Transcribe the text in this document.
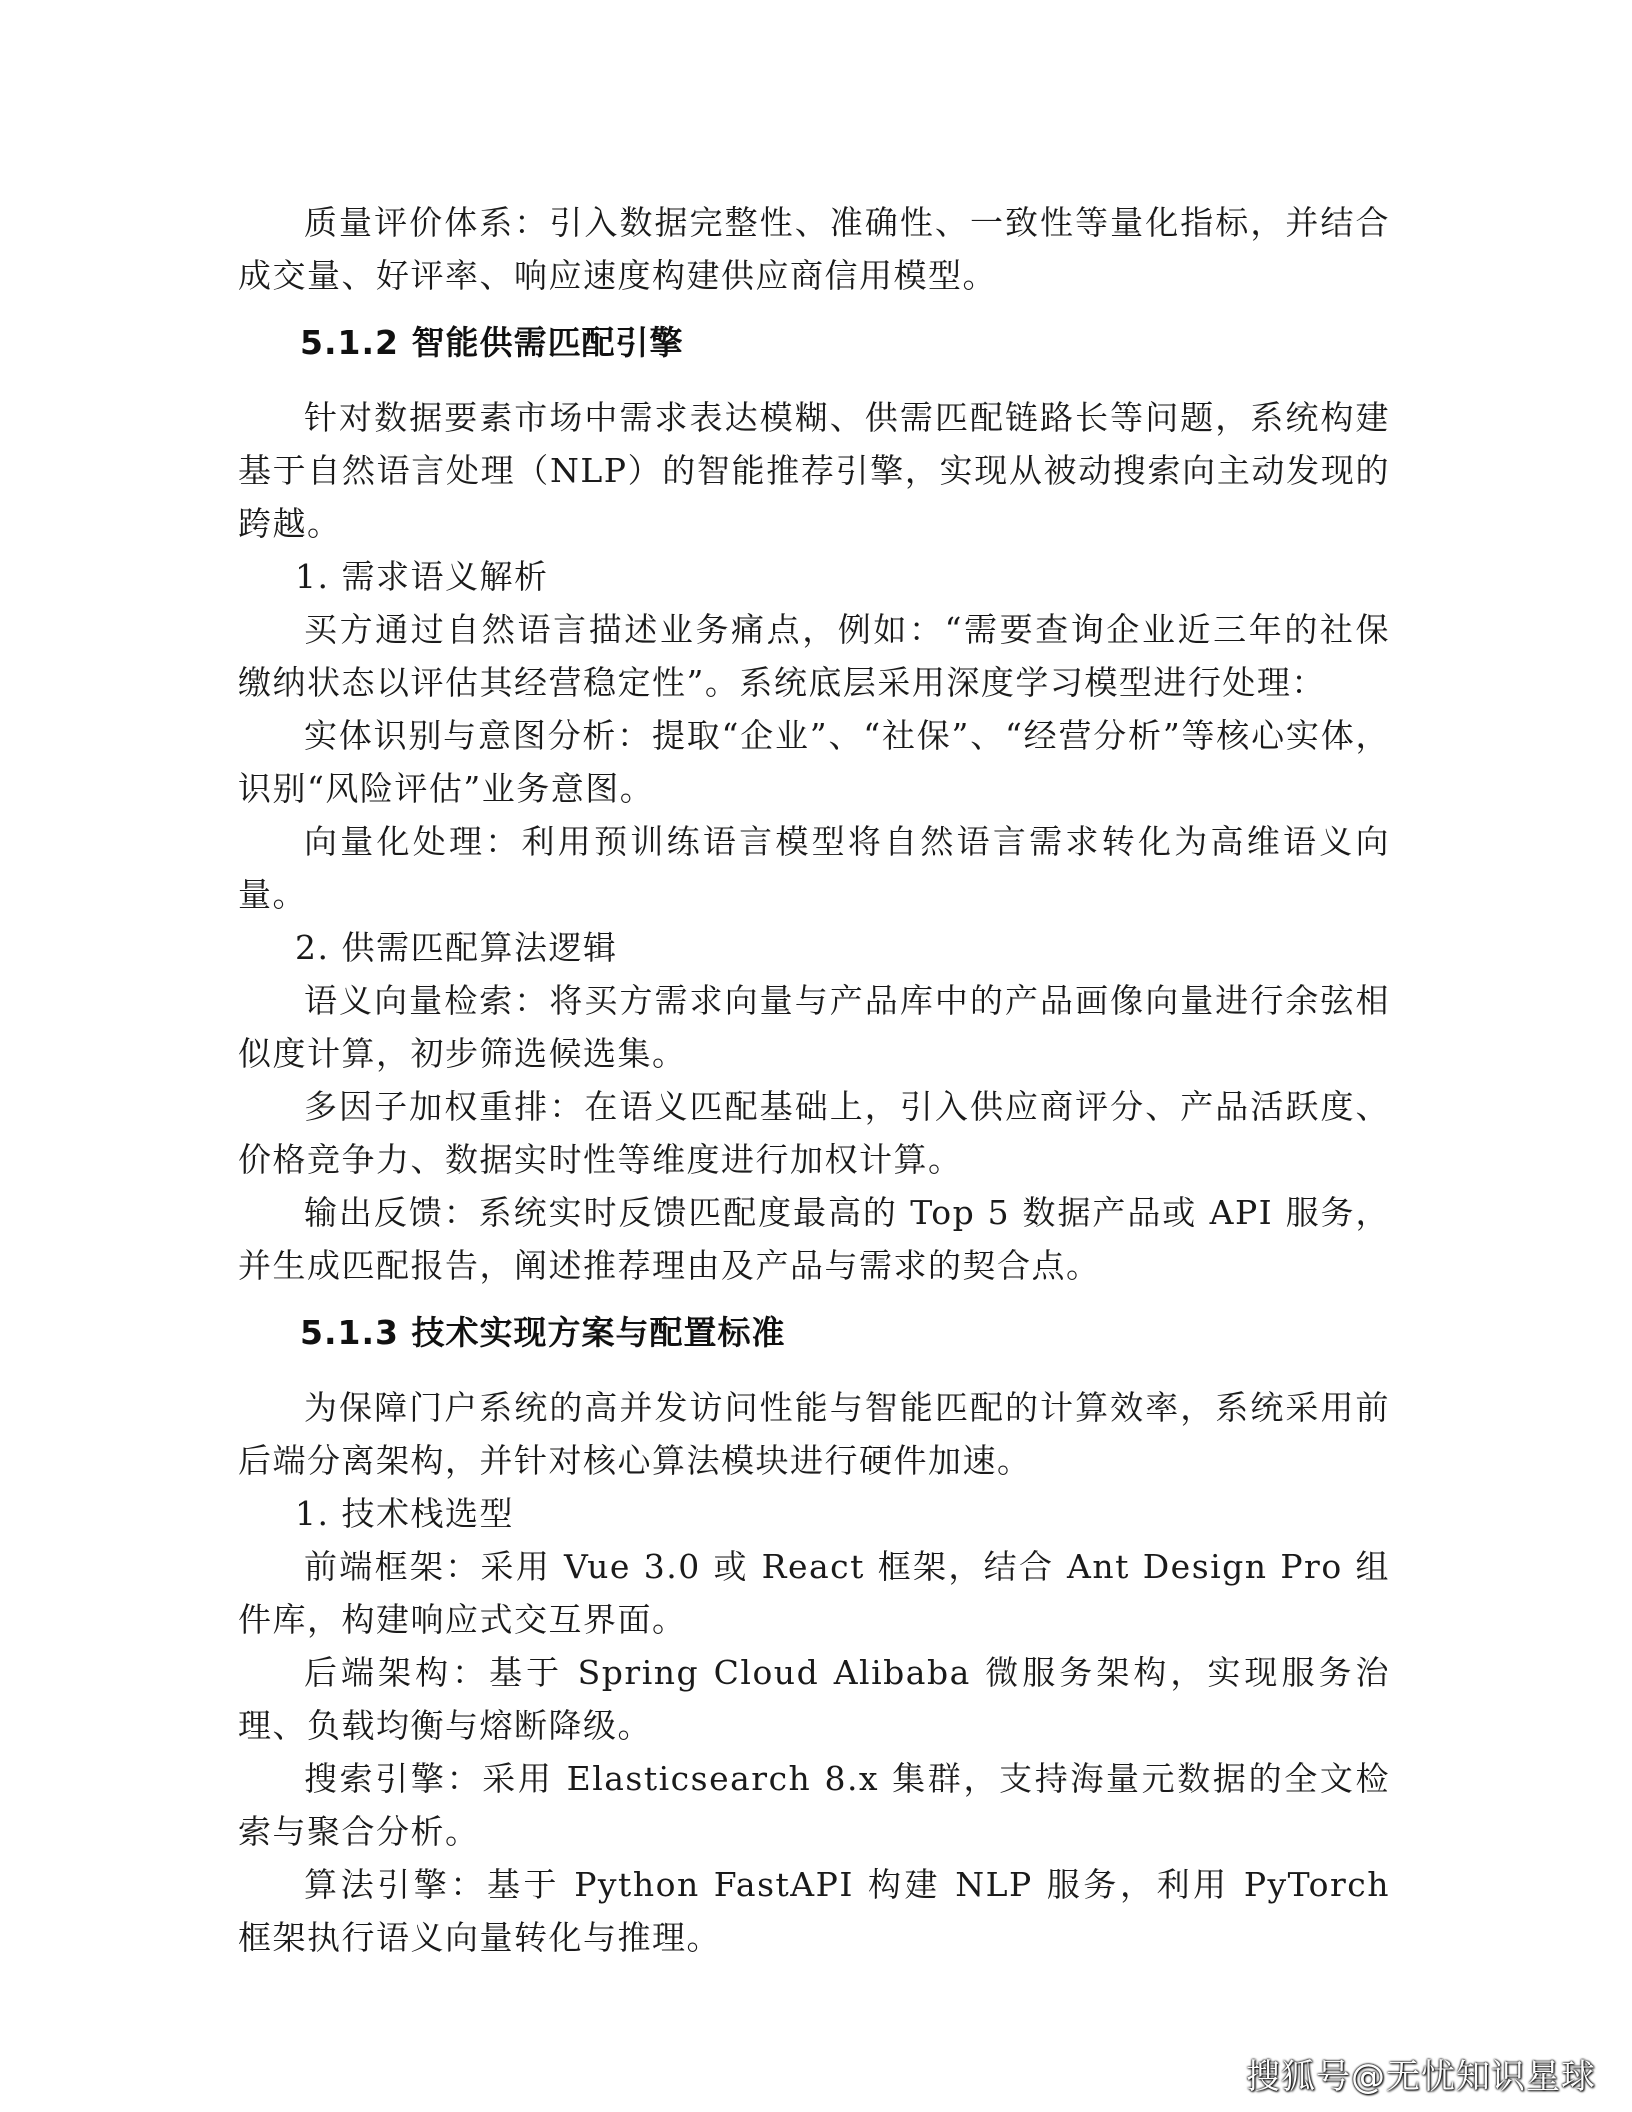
质量评价体系：引入数据完整性、准确性、一致性等量化指标，并结合成交量、好评率、响应速度构建供应商信用模型。

5.1.2 智能供需匹配引擎

针对数据要素市场中需求表达模糊、供需匹配链路长等问题，系统构建基于自然语言处理（NLP）的智能推荐引擎，实现从被动搜索向主动发现的跨越。

1. 需求语义解析

买方通过自然语言描述业务痛点，例如：“需要查询企业近三年的社保缴纳状态以评估其经营稳定性”。系统底层采用深度学习模型进行处理：

实体识别与意图分析：提取“企业”、“社保”、“经营分析”等核心实体，识别“风险评估”业务意图。

向量化处理：利用预训练语言模型将自然语言需求转化为高维语义向量。

2. 供需匹配算法逻辑

语义向量检索：将买方需求向量与产品库中的产品画像向量进行余弦相似度计算，初步筛选候选集。

多因子加权重排：在语义匹配基础上，引入供应商评分、产品活跃度、价格竞争力、数据实时性等维度进行加权计算。

输出反馈：系统实时反馈匹配度最高的 Top 5 数据产品或 API 服务，并生成匹配报告，阐述推荐理由及产品与需求的契合点。

5.1.3 技术实现方案与配置标准

为保障门户系统的高并发访问性能与智能匹配的计算效率，系统采用前后端分离架构，并针对核心算法模块进行硬件加速。

1. 技术栈选型

前端框架：采用 Vue 3.0 或 React 框架，结合 Ant Design Pro 组件库，构建响应式交互界面。

后端架构：基于 Spring Cloud Alibaba 微服务架构，实现服务治理、负载均衡与熔断降级。

搜索引擎：采用 Elasticsearch 8.x 集群，支持海量元数据的全文检索与聚合分析。

算法引擎：基于 Python FastAPI 构建 NLP 服务，利用 PyTorch 框架执行语义向量转化与推理。

搜狐号@无忧知识星球
